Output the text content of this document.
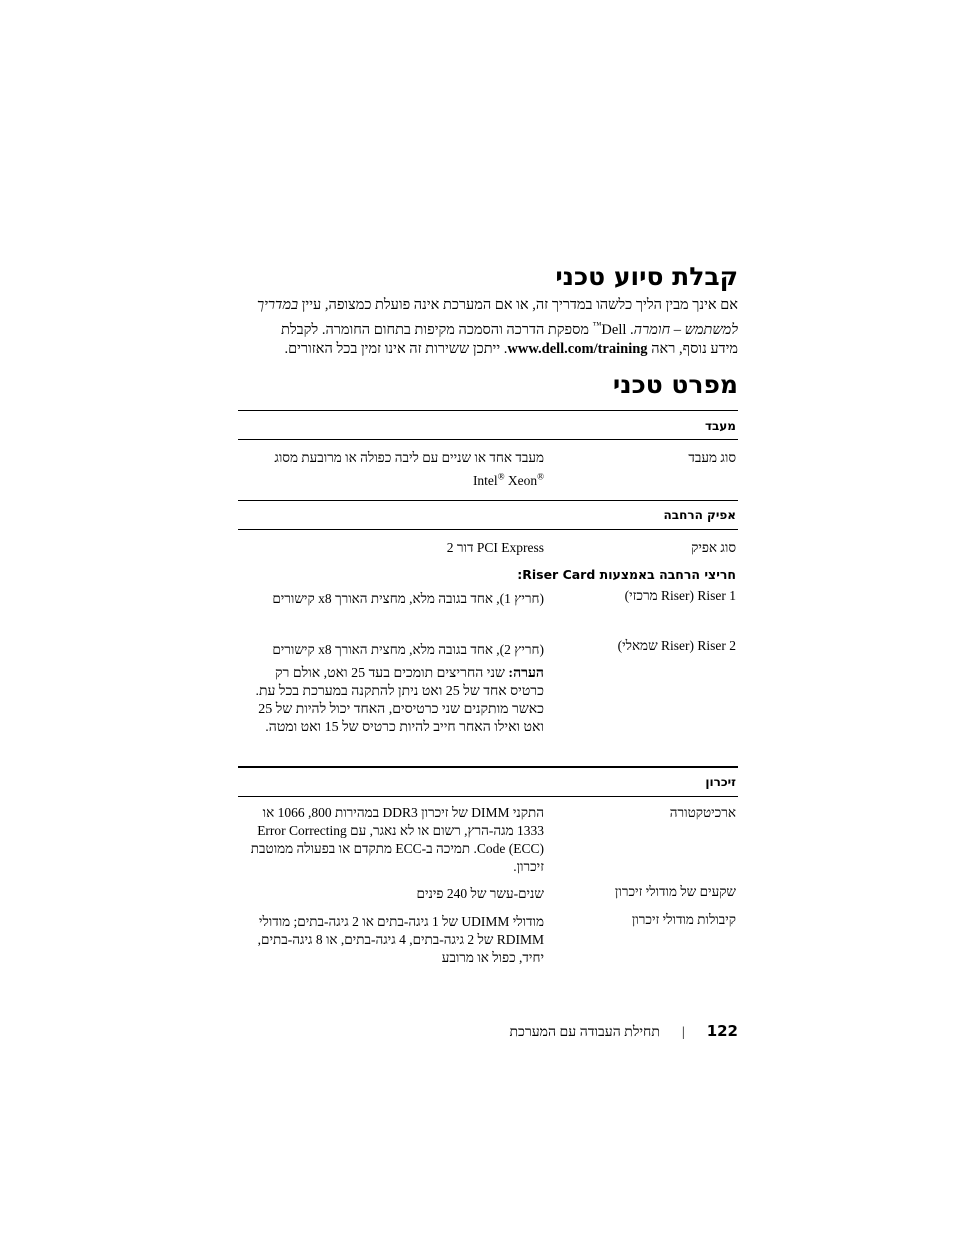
קבלת סיוע טכני
אם אינך מבין הליך כלשהו במדריך זה, או אם המערכת אינה פועלת כמצופה, עיין במדריך
למשתמש – חומרה. Dell™ מספקת הדרכה והסמכה מקיפות בתחום החומרה. לקבלת
מידע נוסף, ראה www.dell.com/training. ייתכן ששירות זה אינו זמין בכל האזורים.
מפרט טכני
מעבד
סוג מעבד
מעבד אחד או שניים עם ליבה כפולה או מרובעת מסוג
Intel® Xeon®
אפיק הרחבה
סוג אפיק
PCI Express דור 2
חריצי הרחבה באמצעות Riser Card:
Riser 1 (Riser מרכזי)
(חריץ 1), אחד בגובה מלא, מחצית האורך x8 קישורים
Riser 2 (Riser שמאלי)
(חריץ 2), אחד בגובה מלא, מחצית האורך x8 קישורים
הערה: שני החריצים תומכים בעד 25 ואט, אולם רק כרטיס אחד של 25 ואט ניתן להתקנה במערכת בכל עת. כאשר מותקנים שני כרטיסים, האחד יכול להיות של 25 ואט ואילו האחר חייב להיות כרטיס של 15 ואט ומטה.
זיכרון
ארכיטקטורה
התקני DIMM של זיכרון DDR3 במהירות 800, 1066 או 1333 מגה-הרץ, רשום או לא נאגר, עם Error Correcting Code (ECC). תמיכה ב-ECC מתקדם או בפעולה ממוטבת זיכרון.
שקעים של מודולי זיכרון
שנים-עשר של 240 פינים
קיבולות מודולי זיכרון
מודולי UDIMM של 1 גיגה-בתים או 2 גיגה-בתים; מודולי RDIMM של 2 גיגה-בתים, 4 גיגה-בתים, או 8 גיגה-בתים, יחיד, כפול או מרובע
122|תחילת העבודה עם המערכת
